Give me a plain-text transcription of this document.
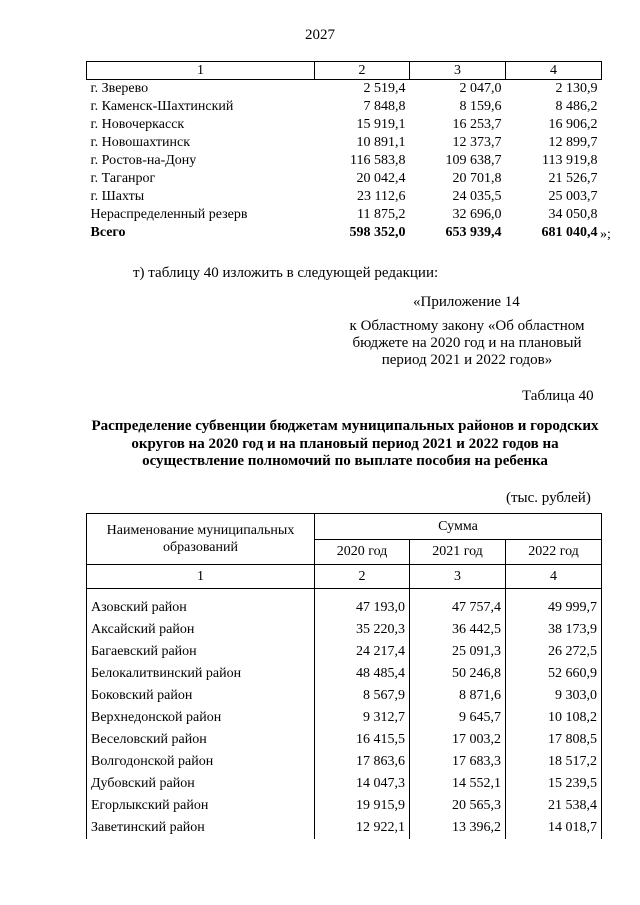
2027
1	2	3	4
г. Зверево	2 519,4	2 047,0	2 130,9
г. Каменск-Шахтинский	7 848,8	8 159,6	8 486,2
г. Новочеркасск	15 919,1	16 253,7	16 906,2
г. Новошахтинск	10 891,1	12 373,7	12 899,7
г. Ростов-на-Дону	116 583,8	109 638,7	113 919,8
г. Таганрог	20 042,4	20 701,8	21 526,7
г. Шахты	23 112,6	24 035,5	25 003,7
Нераспределенный резерв	11 875,2	32 696,0	34 050,8
Всего	598 352,0	653 939,4	681 040,4 »;
т) таблицу 40 изложить в следующей редакции:
«Приложение 14
к Областному закону «Об областном бюджете на 2020 год и на плановый период 2021 и 2022 годов»
Таблица 40
Распределение субвенции бюджетам муниципальных районов и городских округов на 2020 год и на плановый период 2021 и 2022 годов на осуществление полномочий по выплате пособия на ребенка
(тыс. рублей)
Наименование муниципальных образований	Сумма		
	2020 год	2021 год	2022 год
1	2	3	4

Азовский район	47 193,0	47 757,4	49 999,7
Аксайский район	35 220,3	36 442,5	38 173,9
Багаевский район	24 217,4	25 091,3	26 272,5
Белокалитвинский район	48 485,4	50 246,8	52 660,9
Боковский район	8 567,9	8 871,6	9 303,0
Верхнедонской район	9 312,7	9 645,7	10 108,2
Веселовский район	16 415,5	17 003,2	17 808,5
Волгодонской район	17 863,6	17 683,3	18 517,2
Дубовский район	14 047,3	14 552,1	15 239,5
Егорлыкский район	19 915,9	20 565,3	21 538,4
Заветинский район	12 922,1	13 396,2	14 018,7
